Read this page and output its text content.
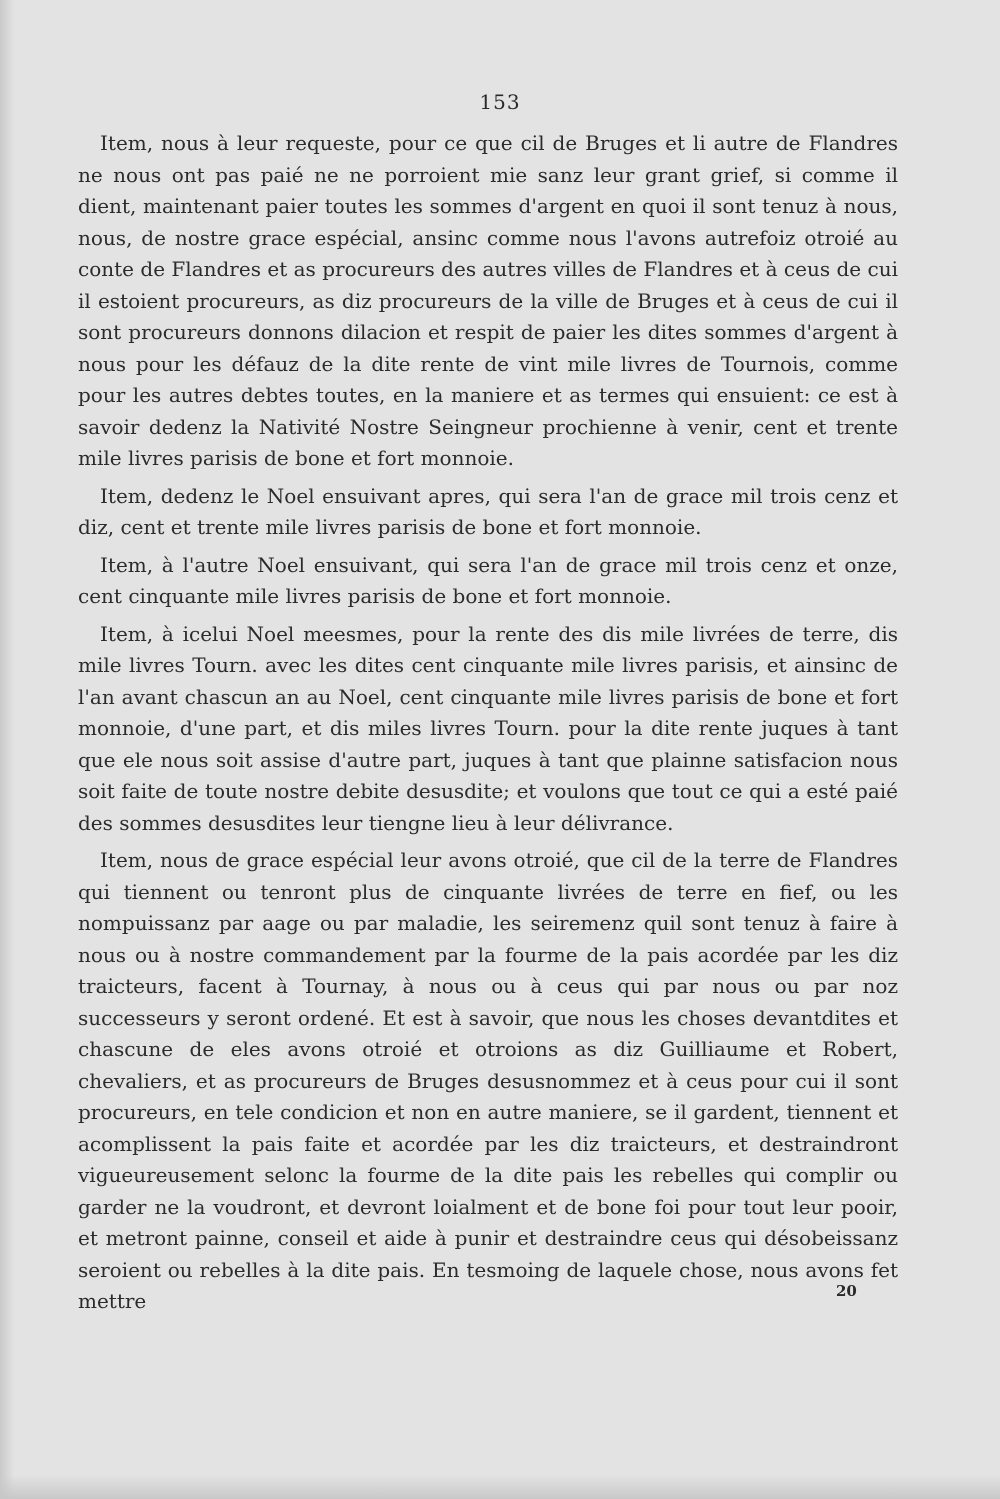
153

Item, nous à leur requeste, pour ce que cil de Bruges et li autre de Flandres ne nous ont pas paié ne ne porroient mie sanz leur grant grief, si comme il dient, maintenant paier toutes les sommes d'argent en quoi il sont tenuz à nous, nous, de nostre grace espécial, ansinc comme nous l'avons autrefoiz otroié au conte de Flandres et as procureurs des autres villes de Flandres et à ceus de cui il estoient procureurs, as diz procureurs de la ville de Bruges et à ceus de cui il sont procureurs donnons dilacion et respit de paier les dites sommes d'argent à nous pour les défauz de la dite rente de vint mile livres de Tournois, comme pour les autres debtes toutes, en la maniere et as termes qui ensuient: ce est à savoir dedenz la Nativité Nostre Seingneur prochienne à venir, cent et trente mile livres parisis de bone et fort monnoie.

Item, dedenz le Noel ensuivant apres, qui sera l'an de grace mil trois cenz et diz, cent et trente mile livres parisis de bone et fort monnoie.

Item, à l'autre Noel ensuivant, qui sera l'an de grace mil trois cenz et onze, cent cinquante mile livres parisis de bone et fort monnoie.

Item, à icelui Noel meesmes, pour la rente des dis mile livrées de terre, dis mile livres Tourn. avec les dites cent cinquante mile livres parisis, et ainsinc de l'an avant chascun an au Noel, cent cinquante mile livres parisis de bone et fort monnoie, d'une part, et dis miles livres Tourn. pour la dite rente juques à tant que ele nous soit assise d'autre part, juques à tant que plainne satisfacion nous soit faite de toute nostre debite desusdite; et voulons que tout ce qui a esté paié des sommes desusdites leur tiengne lieu à leur délivrance.

Item, nous de grace espécial leur avons otroié, que cil de la terre de Flandres qui tiennent ou tenront plus de cinquante livrées de terre en fief, ou les nompuissanz par aage ou par maladie, les seiremenz quil sont tenuz à faire à nous ou à nostre commandement par la fourme de la pais acordée par les diz traicteurs, facent à Tournay, à nous ou à ceus qui par nous ou par noz successeurs y seront ordené. Et est à savoir, que nous les choses devantdites et chascune de eles avons otroié et otroions as diz Guilliaume et Robert, chevaliers, et as procureurs de Bruges desusnommez et à ceus pour cui il sont procureurs, en tele condicion et non en autre maniere, se il gardent, tiennent et acomplissent la pais faite et acordée par les diz traicteurs, et destraindront vigueureusement selonc la fourme de la dite pais les rebelles qui complir ou garder ne la voudront, et devront loialment et de bone foi pour tout leur pooir, et metront painne, conseil et aide à punir et destraindre ceus qui désobeissanz seroient ou rebelles à la dite pais. En tesmoing de laquele chose, nous avons fet mettre	20
